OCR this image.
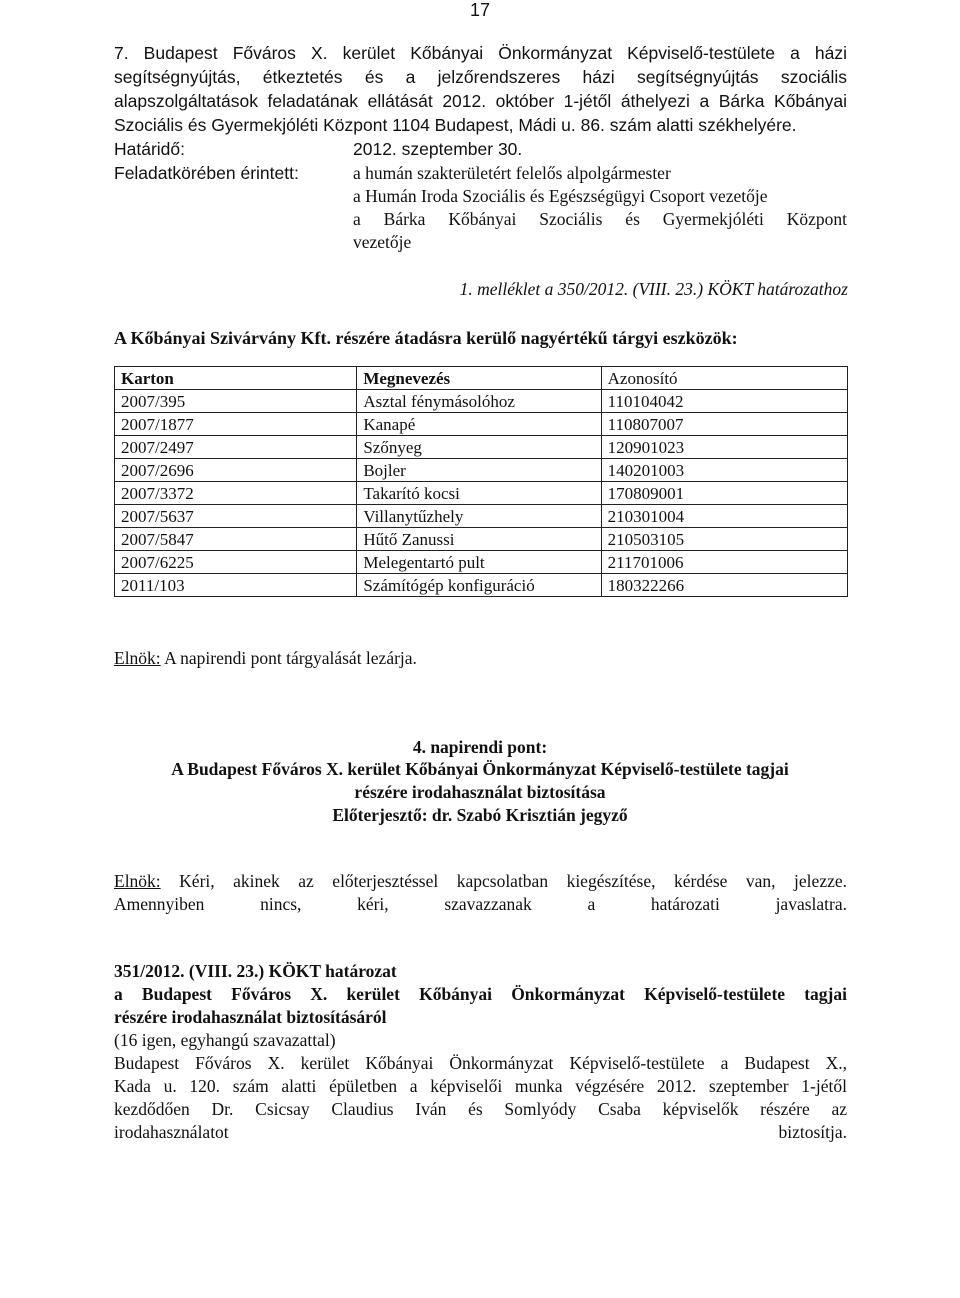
17
7. Budapest Főváros X. kerület Kőbányai Önkormányzat Képviselő-testülete a házi
segítségnyújtás, étkeztetés és a jelzőrendszeres házi segítségnyújtás szociális
alapszolgáltatások feladatának ellátását 2012. október 1-jétől áthelyezi a Bárka Kőbányai
Szociális és Gyermekjóléti Központ 1104 Budapest, Mádi u. 86. szám alatti székhelyére.
Határidő:	2012. szeptember 30.
Feladatkörében érintett:	a humán szakterületért felelős alpolgármester
a Humán Iroda Szociális és Egészségügyi Csoport vezetője
a Bárka Kőbányai Szociális és Gyermekjóléti Központ
vezetője
1. melléklet a 350/2012. (VIII. 23.) KÖKT határozathoz
A Kőbányai Szivárvány Kft. részére átadásra kerülő nagyértékű tárgyi eszközök:
Karton	Megnevezés	Azonosító
2007/395	Asztal fénymásolóhoz	110104042
2007/1877	Kanapé	110807007
2007/2497	Szőnyeg	120901023
2007/2696	Bojler	140201003
2007/3372	Takarító kocsi	170809001
2007/5637	Villanytűzhely	210301004
2007/5847	Hűtő Zanussi	210503105
2007/6225	Melegentartó pult	211701006
2011/103	Számítógép konfiguráció	180322266
Elnök: A napirendi pont tárgyalását lezárja.
4. napirendi pont:
A Budapest Főváros X. kerület Kőbányai Önkormányzat Képviselő-testülete tagjai
részére irodahasználat biztosítása
Előterjesztő: dr. Szabó Krisztián jegyző
Elnök: Kéri, akinek az előterjesztéssel kapcsolatban kiegészítése, kérdése van, jelezze.
Amennyiben nincs, kéri, szavazzanak a határozati javaslatra.
351/2012. (VIII. 23.) KÖKT határozat
a Budapest Főváros X. kerület Kőbányai Önkormányzat Képviselő-testülete tagjai
részére irodahasználat biztosításáról
(16 igen, egyhangú szavazattal)
Budapest Főváros X. kerület Kőbányai Önkormányzat Képviselő-testülete a Budapest X.,
Kada u. 120. szám alatti épületben a képviselői munka végzésére 2012. szeptember 1-jétől
kezdődően Dr. Csicsay Claudius Iván és Somlyódy Csaba képviselők részére az
irodahasználatot biztosítja.
